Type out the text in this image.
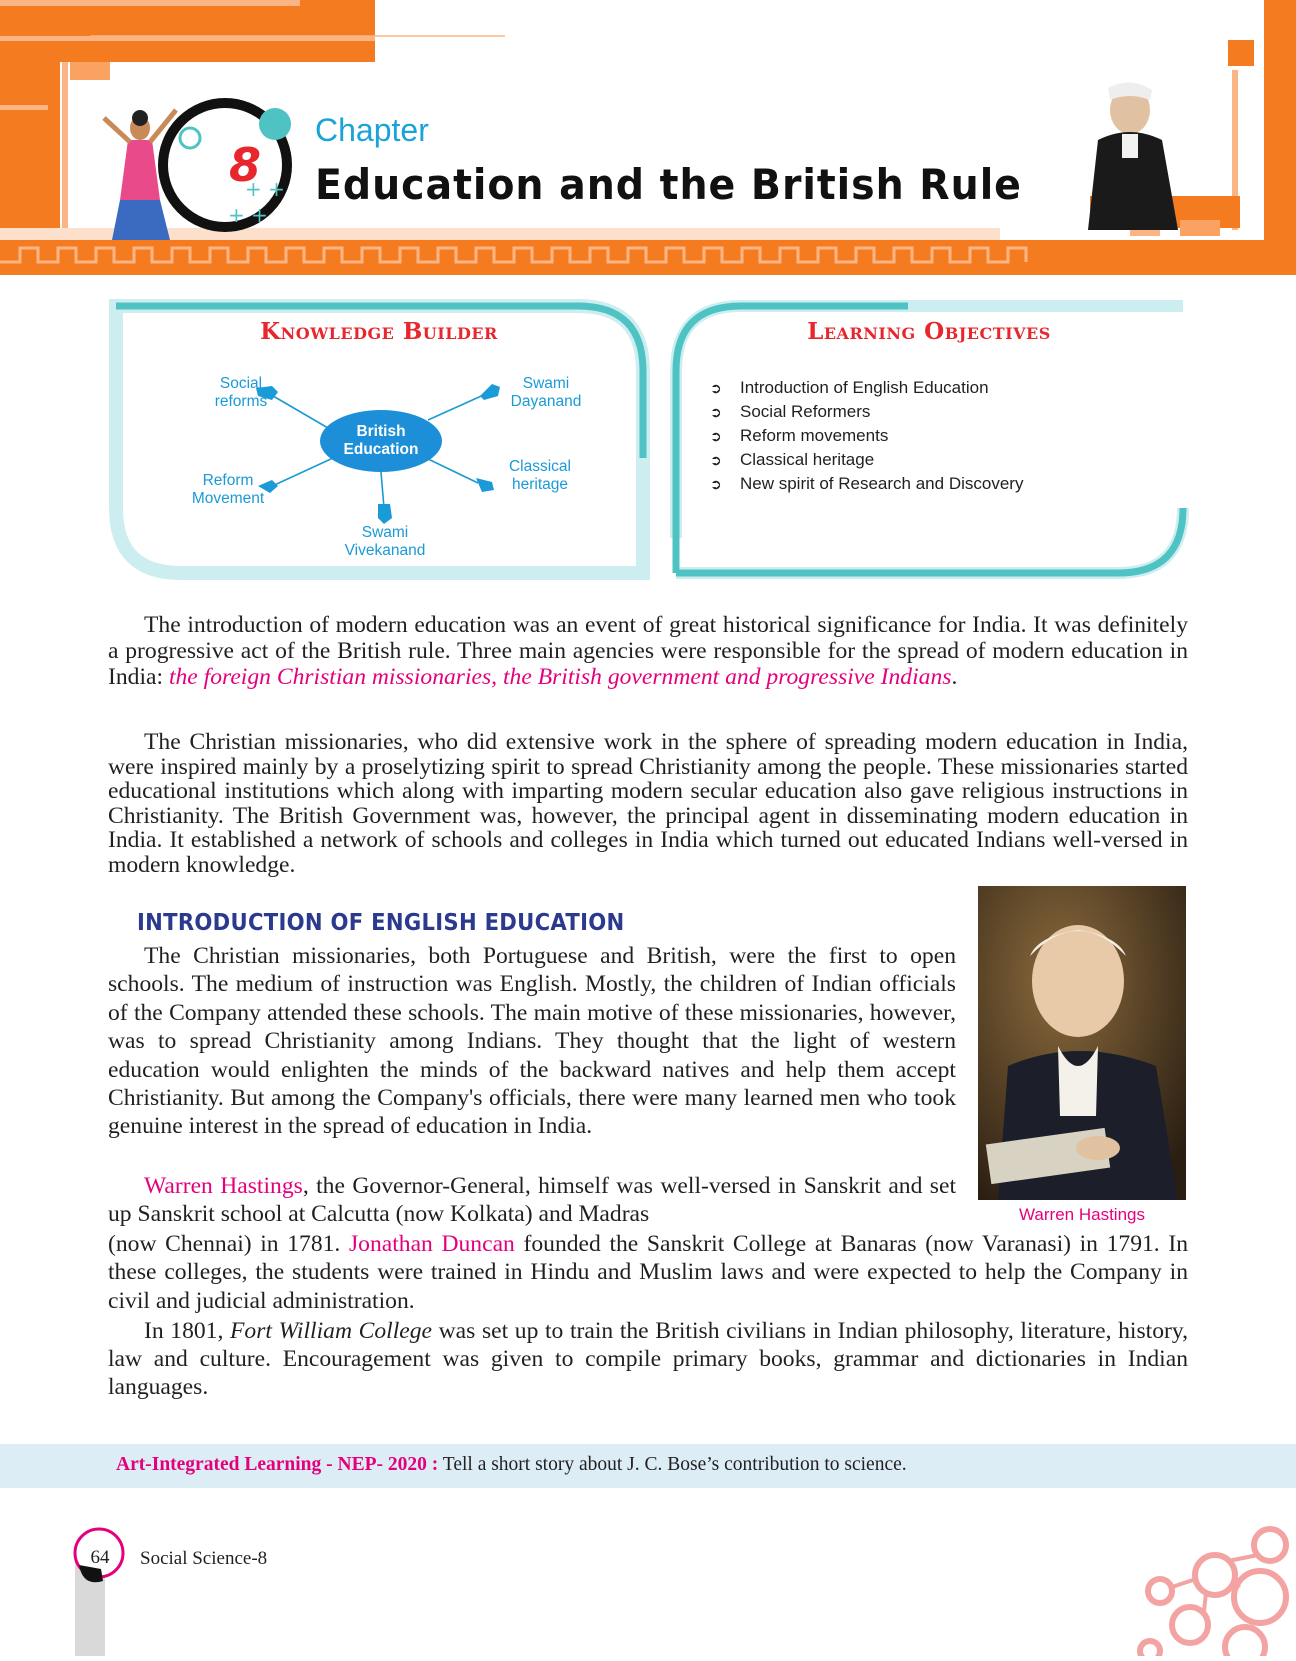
+ +
+ +
8
Chapter
Education and the British Rule
Knowledge Builder
British
Education
Social
reforms
Swami
Dayanand
Reform
Movement
Classical
heritage
Swami
Vivekanand
Learning Objectives
➲	Introduction of English Education
➲	Social Reformers
➲	Reform movements
➲	Classical heritage
➲	New spirit of Research and Discovery

The introduction of modern education was an event of great historical significance for India. It was definitely a progressive act of the British rule. Three main agencies were responsible for the spread of modern education in India: the foreign Christian missionaries, the British government and progressive Indians.

The Christian missionaries, who did extensive work in the sphere of spreading modern education in India, were inspired mainly by a proselytizing spirit to spread Christianity among the people. These missionaries started educational institutions which along with imparting modern secular education also gave religious instructions in Christianity. The British Government was, however, the principal agent in disseminating modern education in India. It established a network of schools and colleges in India which turned out educated Indians well-versed in modern knowledge.

INTRODUCTION OF ENGLISH EDUCATION

The Christian missionaries, both Portuguese and British, were the first to open schools. The medium of instruction was English. Mostly, the children of Indian officials of the Company attended these schools. The main motive of these missionaries, however, was to spread Christianity among Indians. They thought that the light of western education would enlighten the minds of the backward natives and help them accept Christianity. But among the Company's officials, there were many learned men who took genuine interest in the spread of education in India.

Warren Hastings, the Governor-General, himself was well-versed in Sanskrit and set up Sanskrit school at Calcutta (now Kolkata) and Madras

(now Chennai) in 1781. Jonathan Duncan founded the Sanskrit College at Banaras (now Varanasi) in 1791. In these colleges, the students were trained in Hindu and Muslim laws and were expected to help the Company in civil and judicial administration.

In 1801, Fort William College was set up to train the British civilians in Indian philosophy, literature, history, law and culture. Encouragement was given to compile primary books, grammar and dictionaries in Indian languages.

Warren Hastings
Art-Integrated Learning - NEP- 2020 : Tell a short story about J. C. Bose’s contribution to science.
64	Social Science-8
